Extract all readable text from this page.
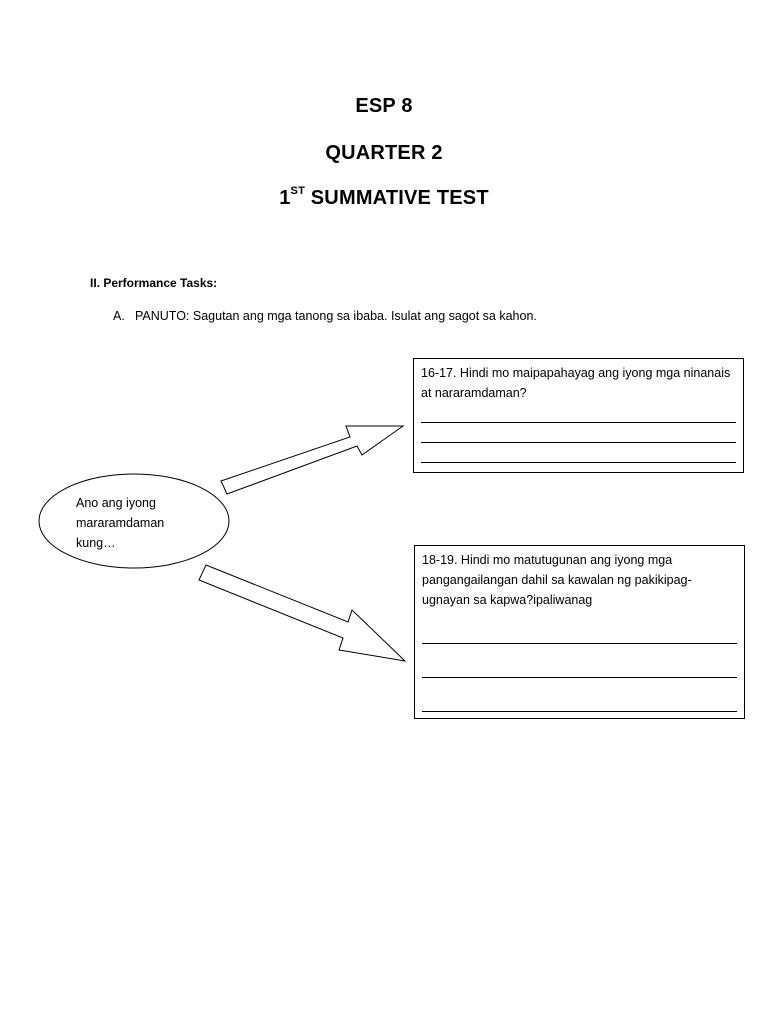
ESP 8
QUARTER 2
1ST SUMMATIVE TEST
II. Performance Tasks:
A. PANUTO: Sagutan ang mga tanong sa ibaba. Isulat ang sagot sa kahon.
Ano ang iyong mararamdaman kung…
16-17. Hindi mo maipapahayag ang iyong mga ninanais at nararamdaman?
18-19. Hindi mo matutugunan ang iyong mga pangangailangan dahil sa kawalan ng pakikipag-ugnayan sa kapwa?ipaliwanag
